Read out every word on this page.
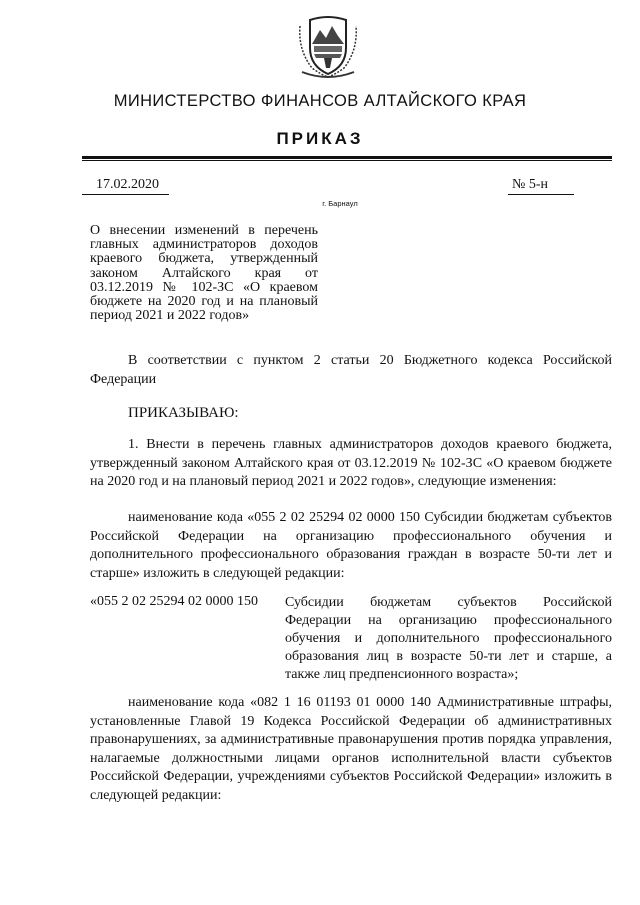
МИНИСТЕРСТВО ФИНАНСОВ АЛТАЙСКОГО КРАЯ
ПРИКАЗ
17.02.2020	№ 5-н
г. Барнаул
О внесении изменений в перечень главных администраторов доходов краевого бюджета, утвержденный законом Алтайского края от 03.12.2019 № 102-ЗС «О краевом бюджете на 2020 год и на плановый период 2021 и 2022 годов»
В соответствии с пунктом 2 статьи 20 Бюджетного кодекса Российской Федерации
ПРИКАЗЫВАЮ:
1. Внести в перечень главных администраторов доходов краевого бюджета, утвержденный законом Алтайского края от 03.12.2019 № 102-ЗС «О краевом бюджете на 2020 год и на плановый период 2021 и 2022 годов», следующие изменения:
наименование кода «055 2 02 25294 02 0000 150 Субсидии бюджетам субъектов Российской Федерации на организацию профессионального обучения и дополнительного профессионального образования граждан в возрасте 50-ти лет и старше» изложить в следующей редакции:
«055 2 02 25294 02 0000 150 Субсидии бюджетам субъектов Российской Федерации на организацию профессионального обучения и дополнительного профессионального образования лиц в возрасте 50-ти лет и старше, а также лиц предпенсионного возраста»;
наименование кода «082 1 16 01193 01 0000 140 Административные штрафы, установленные Главой 19 Кодекса Российской Федерации об административных правонарушениях, за административные правонарушения против порядка управления, налагаемые должностными лицами органов исполнительной власти субъектов Российской Федерации, учреждениями субъектов Российской Федерации» изложить в следующей редакции:
